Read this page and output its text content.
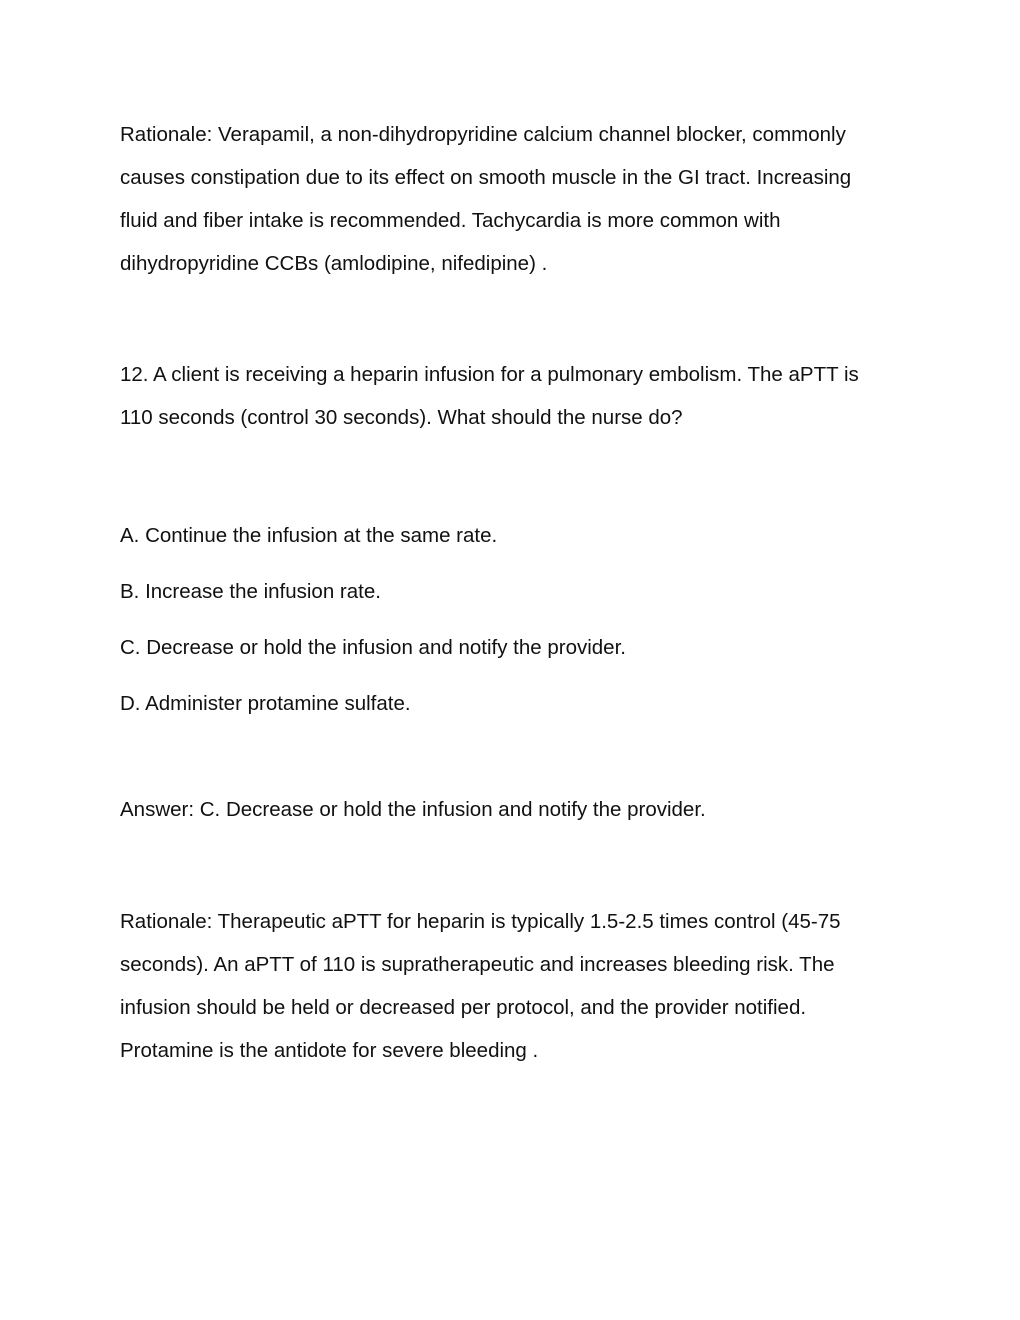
Rationale: Verapamil, a non-dihydropyridine calcium channel blocker, commonly

causes constipation due to its effect on smooth muscle in the GI tract. Increasing

fluid and fiber intake is recommended. Tachycardia is more common with

dihydropyridine CCBs (amlodipine, nifedipine) .

12. A client is receiving a heparin infusion for a pulmonary embolism. The aPTT is

110 seconds (control 30 seconds). What should the nurse do?

A. Continue the infusion at the same rate.

B. Increase the infusion rate.

C. Decrease or hold the infusion and notify the provider.

D. Administer protamine sulfate.

Answer: C. Decrease or hold the infusion and notify the provider.

Rationale: Therapeutic aPTT for heparin is typically 1.5-2.5 times control (45-75

seconds). An aPTT of 110 is supratherapeutic and increases bleeding risk. The

infusion should be held or decreased per protocol, and the provider notified.

Protamine is the antidote for severe bleeding .
